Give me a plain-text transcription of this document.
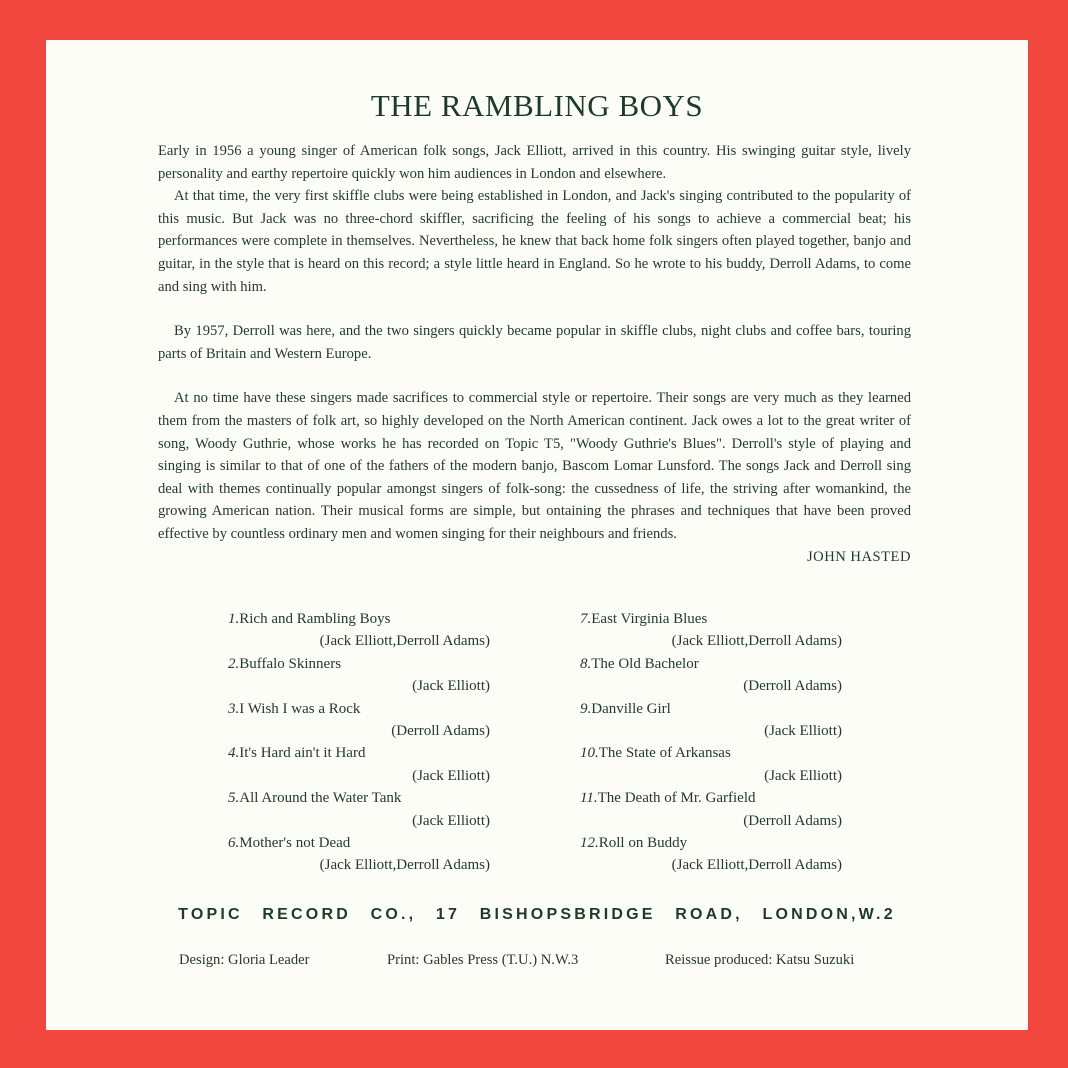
THE RAMBLING BOYS

Early in 1956 a young singer of American folk songs, Jack Elliott, arrived in this country. His swinging guitar style, lively personality and earthy repertoire quickly won him audiences in London and elsewhere.

At that time, the very first skiffle clubs were being established in London, and Jack's singing contributed to the popularity of this music. But Jack was no three-chord skiffler, sacrificing the feeling of his songs to achieve a commercial beat; his performances were complete in themselves. Nevertheless, he knew that back home folk singers often played together, banjo and guitar, in the style that is heard on this record; a style little heard in England. So he wrote to his buddy, Derroll Adams, to come and sing with him.

By 1957, Derroll was here, and the two singers quickly became popular in skiffle clubs, night clubs and coffee bars, touring parts of Britain and Western Europe.

At no time have these singers made sacrifices to commercial style or repertoire. Their songs are very much as they learned them from the masters of folk art, so highly developed on the North American continent. Jack owes a lot to the great writer of song, Woody Guthrie, whose works he has recorded on Topic T5, "Woody Guthrie's Blues". Derroll's style of playing and singing is similar to that of one of the fathers of the modern banjo, Bascom Lomar Lunsford. The songs Jack and Derroll sing deal with themes continually popular amongst singers of folk-song: the cussedness of life, the striving after womankind, the growing American nation. Their musical forms are simple, but ontaining the phrases and techniques that have been proved effective by countless ordinary men and women singing for their neighbours and friends.

JOHN HASTED
1.Rich and Rambling Boys
(Jack Elliott,Derroll Adams)
2.Buffalo Skinners
(Jack Elliott)
3.I Wish I was a Rock
(Derroll Adams)
4.It's Hard ain't it Hard
(Jack Elliott)
5.All Around the Water Tank
(Jack Elliott)
6.Mother's not Dead
(Jack Elliott,Derroll Adams)
7.East Virginia Blues
(Jack Elliott,Derroll Adams)
8.The Old Bachelor
(Derroll Adams)
9.Danville Girl
(Jack Elliott)
10.The State of Arkansas
(Jack Elliott)
11.The Death of Mr. Garfield
(Derroll Adams)
12.Roll on Buddy
(Jack Elliott,Derroll Adams)
TOPIC RECORD CO., 17 BISHOPSBRIDGE ROAD, LONDON,W.2
Design: Gloria Leader	Print: Gables Press (T.U.) N.W.3	Reissue produced: Katsu Suzuki
